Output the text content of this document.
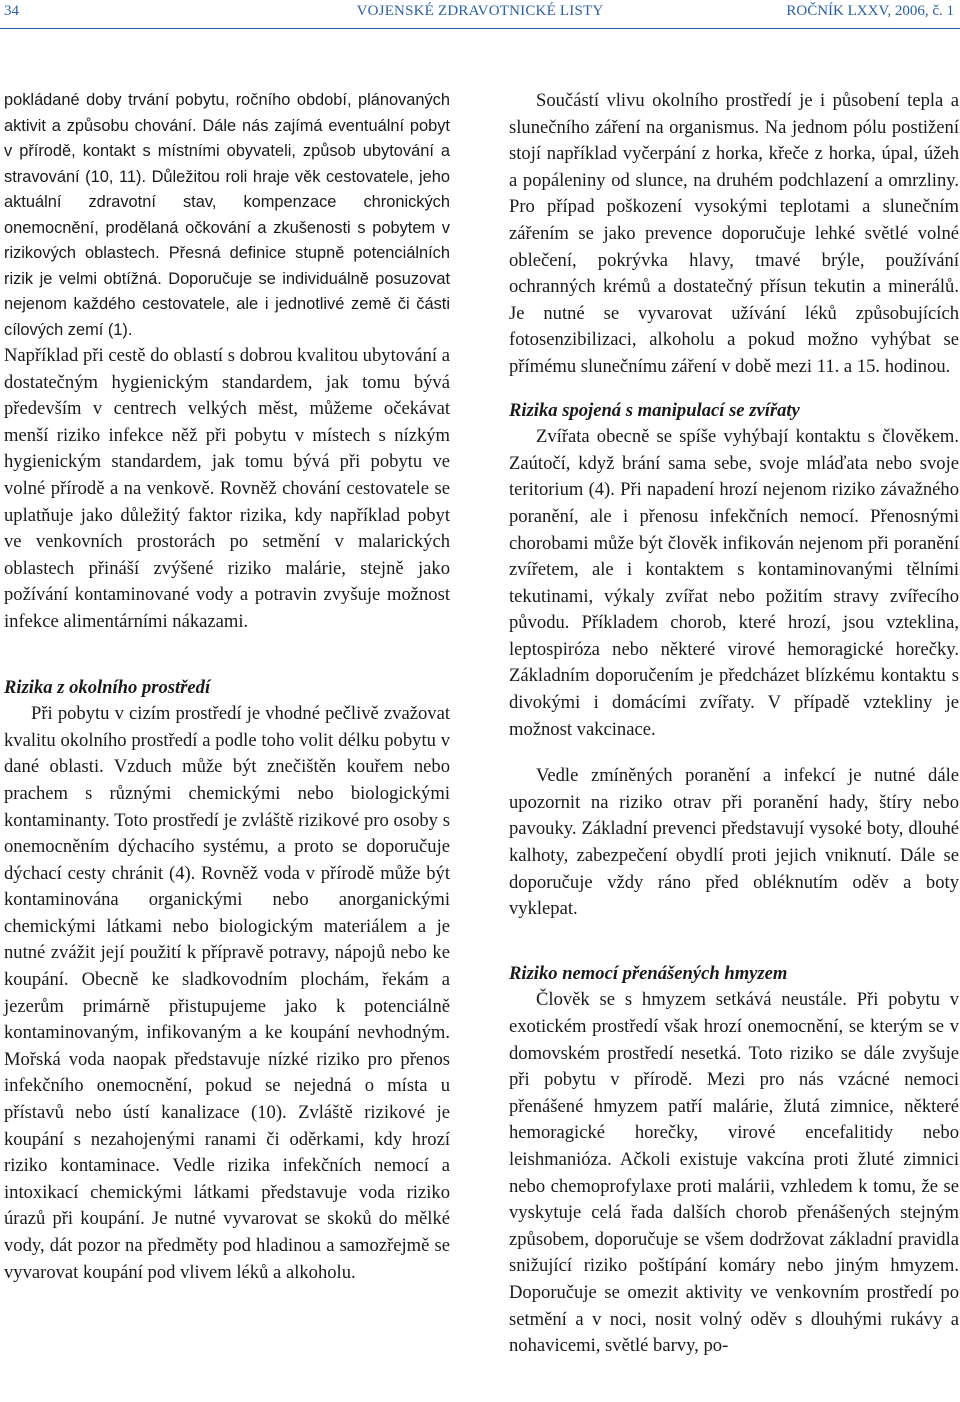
34	VOJENSKÉ ZDRAVOTNICKÉ LISTY	ROČNÍK LXXV, 2006, č. 1

pokládané doby trvání pobytu, ročního období, plánovaných aktivit a způsobu chování. Dále nás zajímá eventuální pobyt v přírodě, kontakt s místními obyvateli, způsob ubytování a stravování (10, 11). Důležitou roli hraje věk cestovatele, jeho aktuální zdravotní stav, kompenzace chronických onemocnění, prodělaná očkování a zkušenosti s pobytem v rizikových oblastech. Přesná definice stupně potenciálních rizik je velmi obtížná. Doporučuje se individuálně posuzovat nejenom každého cestovatele, ale i jednotlivé země či části cílových zemí (1).

Například při cestě do oblastí s dobrou kvalitou ubytování a dostatečným hygienickým standardem, jak tomu bývá především v centrech velkých měst, můžeme očekávat menší riziko infekce něž při pobytu v místech s nízkým hygienickým standardem, jak tomu bývá při pobytu ve volné přírodě a na venkově. Rovněž chování cestovatele se uplatňuje jako důležitý faktor rizika, kdy například pobyt ve venkovních prostorách po setmění v malarických oblastech přináší zvýšené riziko malárie, stejně jako požívání kontaminované vody a potravin zvyšuje možnost infekce alimentárními nákazami.

Rizika z okolního prostředí

Při pobytu v cizím prostředí je vhodné pečlivě zvažovat kvalitu okolního prostředí a podle toho volit délku pobytu v dané oblasti. Vzduch může být znečištěn kouřem nebo prachem s různými chemickými nebo biologickými kontaminanty. Toto prostředí je zvláště rizikové pro osoby s onemocněním dýchacího systému, a proto se doporučuje dýchací cesty chránit (4). Rovněž voda v přírodě může být kontaminována organickými nebo anorganickými chemickými látkami nebo biologickým materiálem a je nutné zvážit její použití k přípravě potravy, nápojů nebo ke koupání. Obecně ke sladkovodním plochám, řekám a jezerům primárně přistupujeme jako k potenciálně kontaminovaným, infikovaným a ke koupání nevhodným. Mořská voda naopak představuje nízké riziko pro přenos infekčního onemocnění, pokud se nejedná o místa u přístavů nebo ústí kanalizace (10). Zvláště rizikové je koupání s nezahojenými ranami či oděrkami, kdy hrozí riziko kontaminace. Vedle rizika infekčních nemocí a intoxikací chemickými látkami představuje voda riziko úrazů při koupání. Je nutné vyvarovat se skoků do mělké vody, dát pozor na předměty pod hladinou a samozřejmě se vyvarovat koupání pod vlivem léků a alkoholu.

Součástí vlivu okolního prostředí je i působení tepla a slunečního záření na organismus. Na jednom pólu postižení stojí například vyčerpání z horka, křeče z horka, úpal, úžeh a popáleniny od slunce, na druhém podchlazení a omrzliny. Pro případ poškození vysokými teplotami a slunečním zářením se jako prevence doporučuje lehké světlé volné oblečení, pokrývka hlavy, tmavé brýle, používání ochranných krémů a dostatečný přísun tekutin a minerálů. Je nutné se vyvarovat užívání léků způsobujících fotosenzibilizaci, alkoholu a pokud možno vyhýbat se přímému slunečnímu záření v době mezi 11. a 15. hodinou.

Rizika spojená s manipulací se zvířaty

Zvířata obecně se spíše vyhýbají kontaktu s člověkem. Zaútočí, když brání sama sebe, svoje mláďata nebo svoje teritorium (4). Při napadení hrozí nejenom riziko závažného poranění, ale i přenosu infekčních nemocí. Přenosnými chorobami může být člověk infikován nejenom při poranění zvířetem, ale i kontaktem s kontaminovanými tělními tekutinami, výkaly zvířat nebo požitím stravy zvířecího původu. Příkladem chorob, které hrozí, jsou vzteklina, leptospiróza nebo některé virové hemoragické horečky. Základním doporučením je předcházet blízkému kontaktu s divokými i domácími zvířaty. V případě vztekliny je možnost vakcinace.

Vedle zmíněných poranění a infekcí je nutné dále upozornit na riziko otrav při poranění hady, štíry nebo pavouky. Základní prevenci představují vysoké boty, dlouhé kalhoty, zabezpečení obydlí proti jejich vniknutí. Dále se doporučuje vždy ráno před obléknutím oděv a boty vyklepat.

Riziko nemocí přenášených hmyzem

Člověk se s hmyzem setkává neustále. Při pobytu v exotickém prostředí však hrozí onemocnění, se kterým se v domovském prostředí nesetká. Toto riziko se dále zvyšuje při pobytu v přírodě. Mezi pro nás vzácné nemoci přenášené hmyzem patří malárie, žlutá zimnice, některé hemoragické horečky, virové encefalitidy nebo leishmanióza. Ačkoli existuje vakcína proti žluté zimnici nebo chemoprofylaxe proti malárii, vzhledem k tomu, že se vyskytuje celá řada dalších chorob přenášených stejným způsobem, doporučuje se všem dodržovat základní pravidla snižující riziko poštípání komáry nebo jiným hmyzem. Doporučuje se omezit aktivity ve venkovním prostředí po setmění a v noci, nosit volný oděv s dlouhými rukávy a nohavicemi, světlé barvy, po-
